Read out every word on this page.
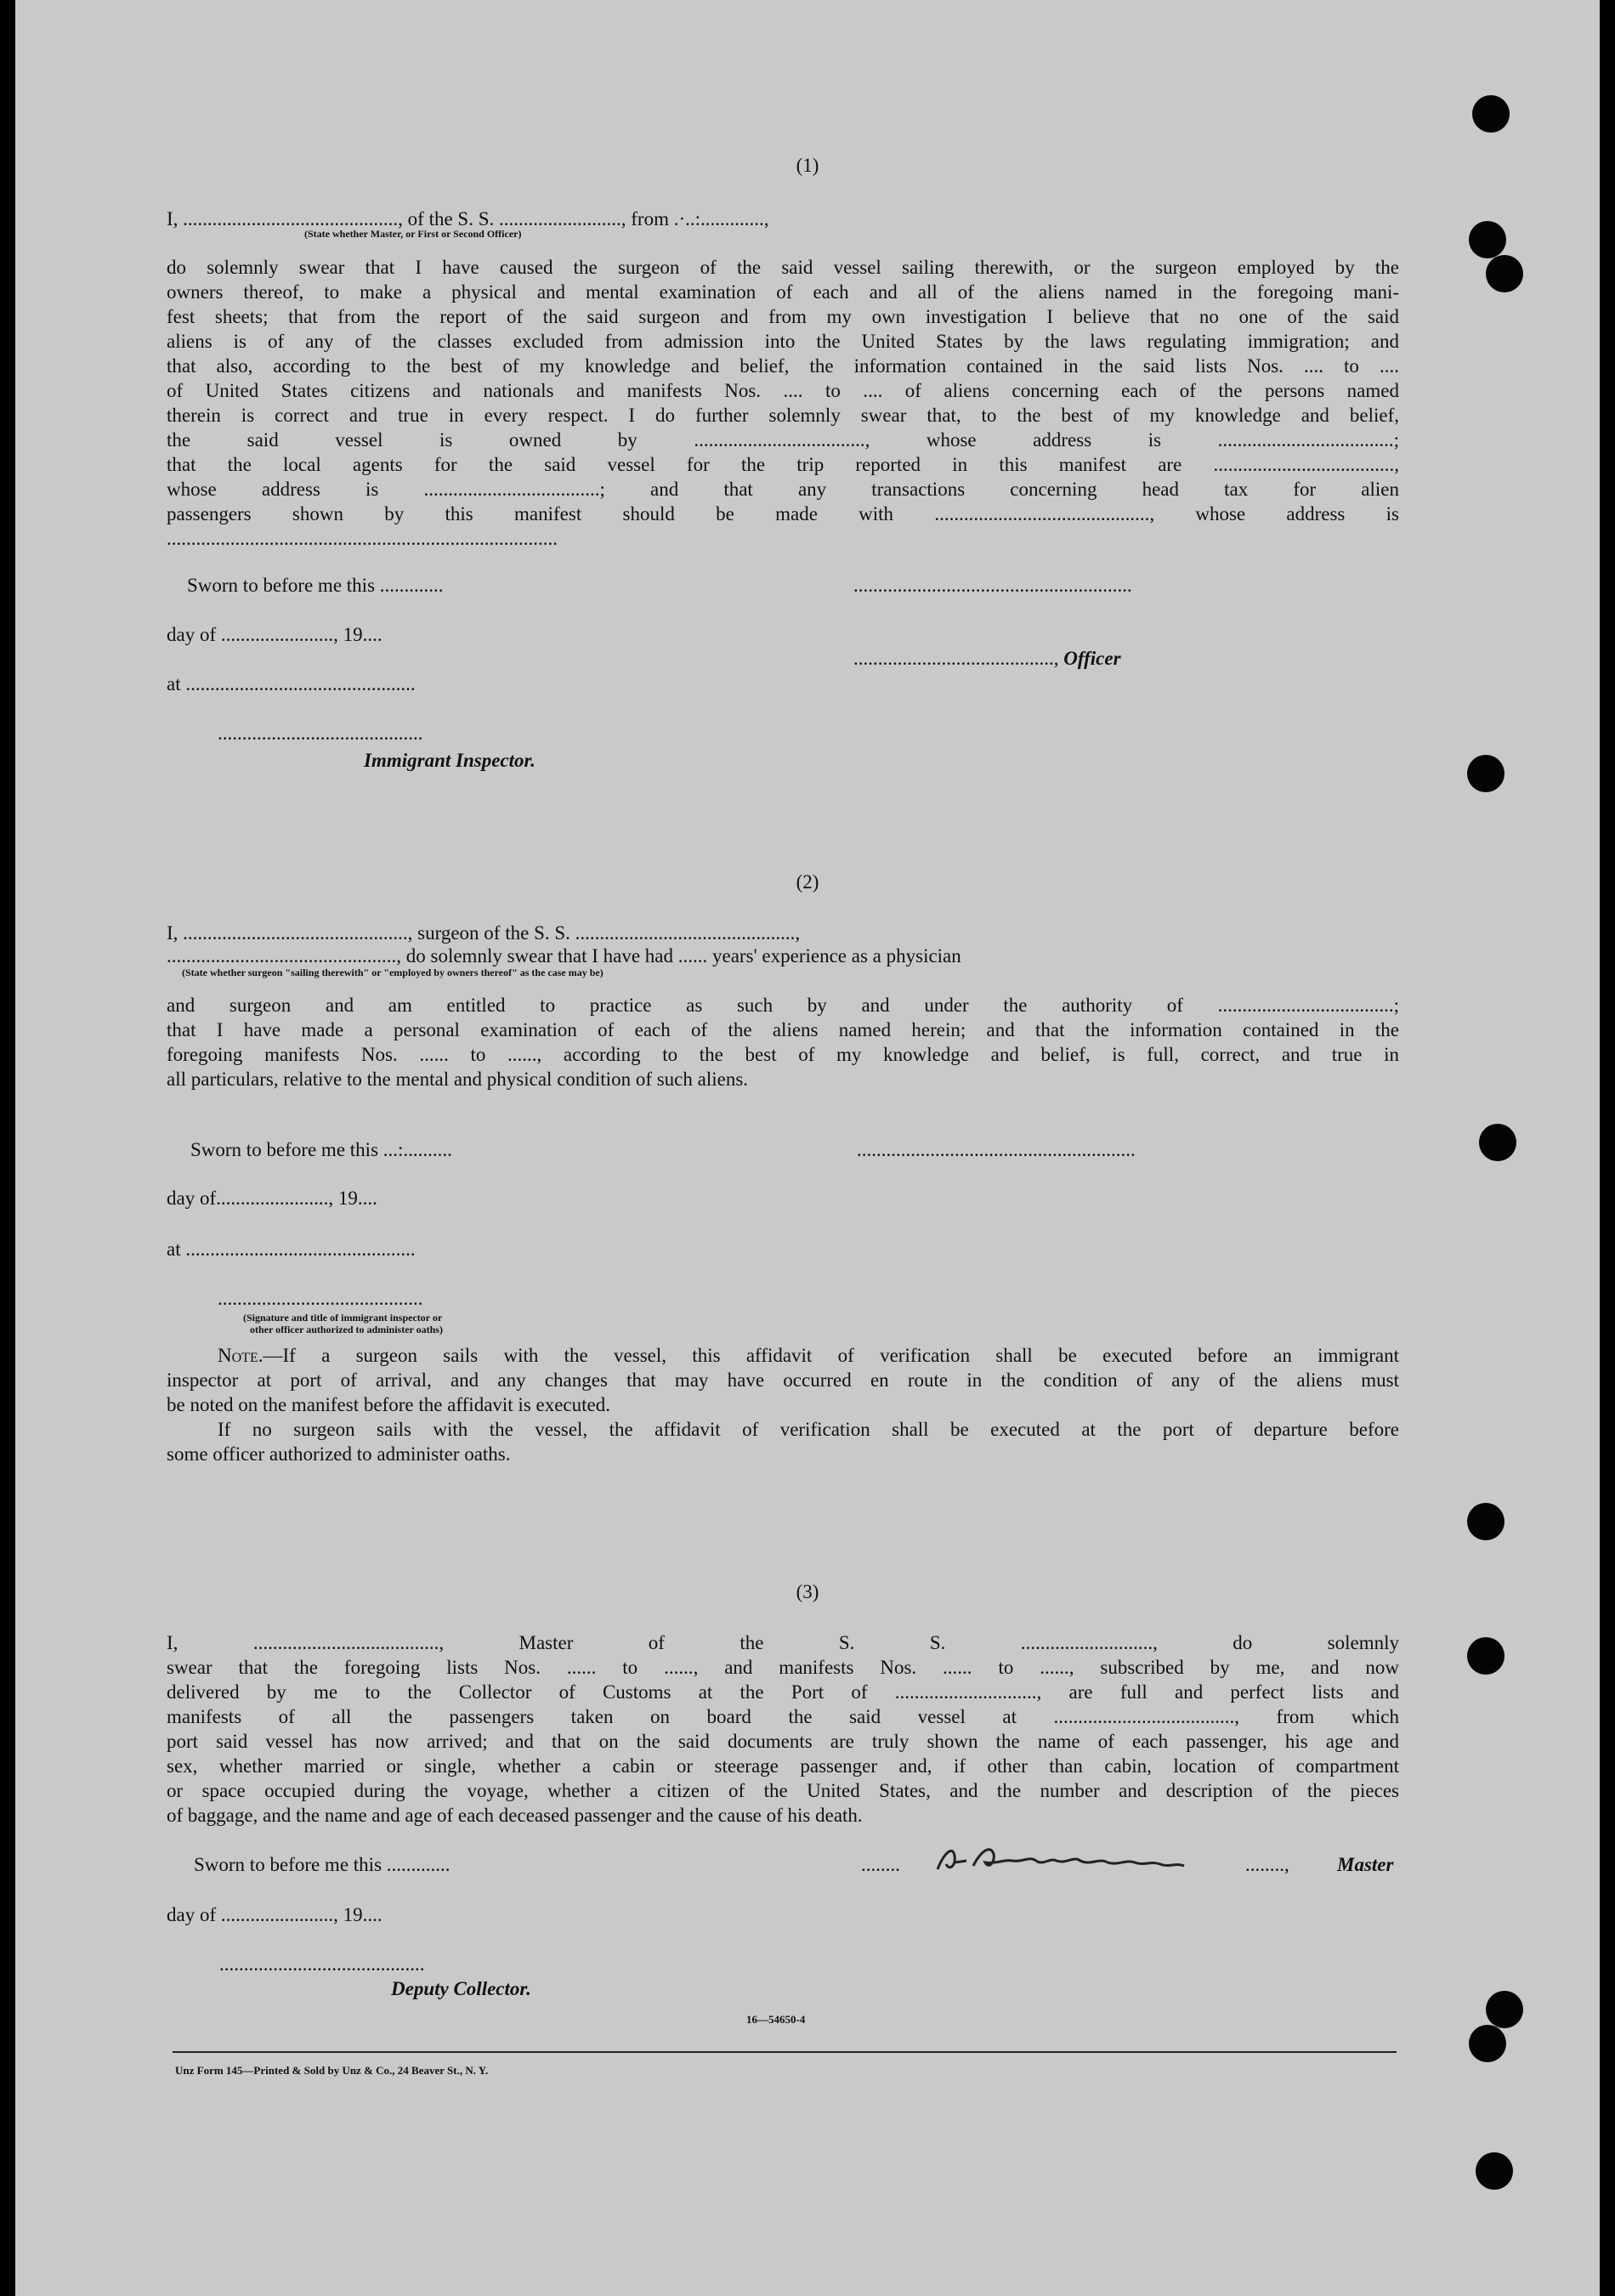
(1)
I, ............................................, of the S. S. ........................., from .·..:.............,
(State whether Master, or First or Second Officer)
do solemnly swear that I have caused the surgeon of the said vessel sailing therewith, or the surgeon employed by the
owners thereof, to make a physical and mental examination of each and all of the aliens named in the foregoing mani-
fest sheets; that from the report of the said surgeon and from my own investigation I believe that no one of the said
aliens is of any of the classes excluded from admission into the United States by the laws regulating immigration; and
that also, according to the best of my knowledge and belief, the information contained in the said lists Nos. .... to ....
of United States citizens and nationals and manifests Nos. .... to .... of aliens concerning each of the persons named
therein is correct and true in every respect. I do further solemnly swear that, to the best of my knowledge and belief,
the said vessel is owned by ..................................., whose address is ....................................;
that the local agents for the said vessel for the trip reported in this manifest are .....................................,
whose address is ....................................; and that any transactions concerning head tax for alien
passengers shown by this manifest should be made with ............................................, whose address is
................................................................................
Sworn to before me this .............	.........................................................
day of ......................., 19....
........................................., Officer
at ...............................................
..........................................
Immigrant Inspector.
(2)
I, .............................................., surgeon of the S. S. .............................................,
..............................................., do solemnly swear that I have had ...... years' experience as a physician
(State whether surgeon "sailing therewith" or "employed by owners thereof" as the case may be)
and surgeon and am entitled to practice as such by and under the authority of ....................................;
that I have made a personal examination of each of the aliens named herein; and that the information contained in the
foregoing manifests Nos. ...... to ......, according to the best of my knowledge and belief, is full, correct, and true in
all particulars, relative to the mental and physical condition of such aliens.
Sworn to before me this ...:..........	.........................................................
day of......................., 19....
at ...............................................
..........................................
(Signature and title of immigrant inspector or
other officer authorized to administer oaths)
Note.—If a surgeon sails with the vessel, this affidavit of verification shall be executed before an immigrant
inspector at port of arrival, and any changes that may have occurred en route in the condition of any of the aliens must
be noted on the manifest before the affidavit is executed.
If no surgeon sails with the vessel, the affidavit of verification shall be executed at the port of departure before
some officer authorized to administer oaths.
(3)
I, ......................................, Master of the S. S. ..........................., do solemnly
swear that the foregoing lists Nos. ...... to ......, and manifests Nos. ...... to ......, subscribed by me, and now
delivered by me to the Collector of Customs at the Port of ............................., are full and perfect lists and
manifests of all the passengers taken on board the said vessel at ....................................., from which
port said vessel has now arrived; and that on the said documents are truly shown the name of each passenger, his age and
sex, whether married or single, whether a cabin or steerage passenger and, if other than cabin, location of compartment
or space occupied during the voyage, whether a citizen of the United States, and the number and description of the pieces
of baggage, and the name and age of each deceased passenger and the cause of his death.
Sworn to before me this .............	........	........, Master
day of ......................., 19....
..........................................
Deputy Collector.
16—54650-4
Unz Form 145—Printed & Sold by Unz & Co., 24 Beaver St., N. Y.
